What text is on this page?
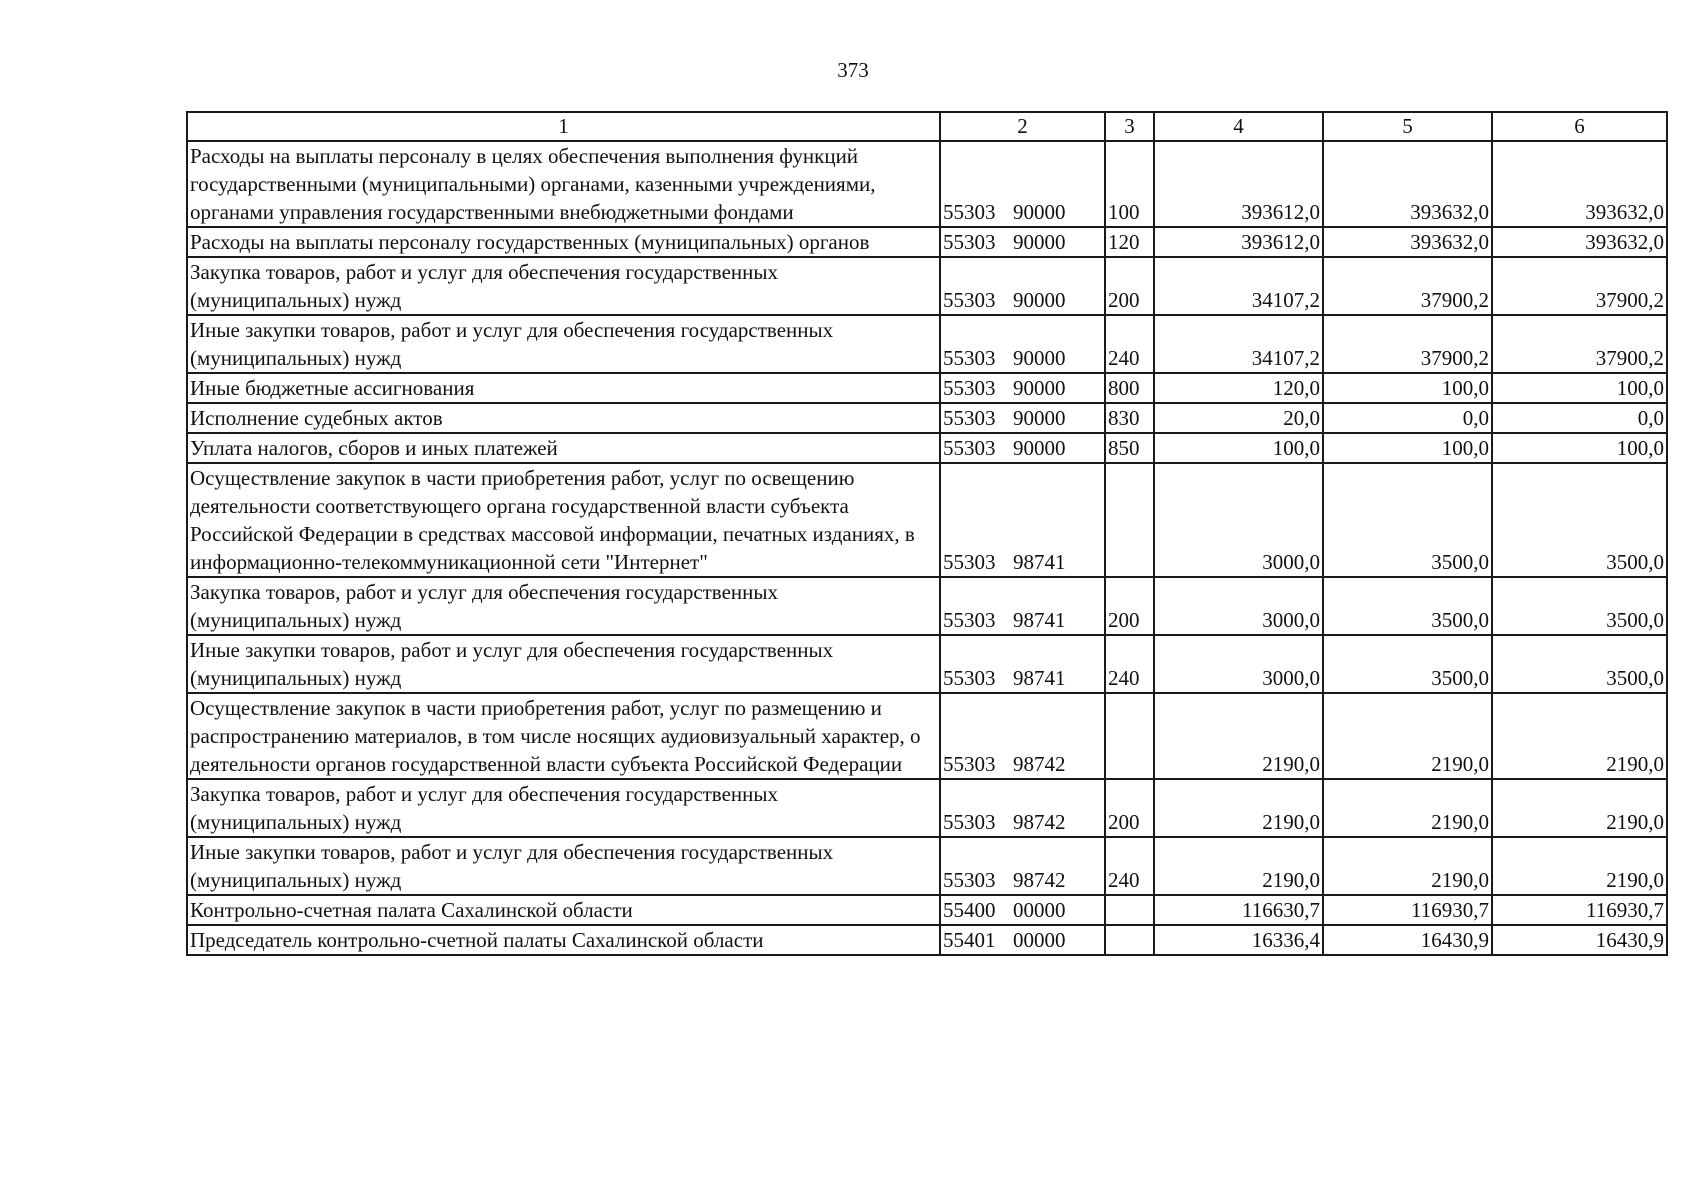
373
1	2	3	4	5	6
Расходы на выплаты персоналу в целях обеспечения выполнения функций государственными (муниципальными) органами, казенными учреждениями, органами управления государственными внебюджетными фондами	55303 90000	100	393612,0	393632,0	393632,0
Расходы на выплаты персоналу государственных (муниципальных) органов	55303 90000	120	393612,0	393632,0	393632,0
Закупка товаров, работ и услуг для обеспечения государственных (муниципальных) нужд	55303 90000	200	34107,2	37900,2	37900,2
Иные закупки товаров, работ и услуг для обеспечения государственных (муниципальных) нужд	55303 90000	240	34107,2	37900,2	37900,2
Иные бюджетные ассигнования	55303 90000	800	120,0	100,0	100,0
Исполнение судебных актов	55303 90000	830	20,0	0,0	0,0
Уплата налогов, сборов и иных платежей	55303 90000	850	100,0	100,0	100,0
Осуществление закупок в части приобретения работ, услуг по освещению деятельности соответствующего органа государственной власти субъекта Российской Федерации в средствах массовой информации, печатных изданиях, в информационно-телекоммуникационной сети "Интернет"	55303 98741		3000,0	3500,0	3500,0
Закупка товаров, работ и услуг для обеспечения государственных (муниципальных) нужд	55303 98741	200	3000,0	3500,0	3500,0
Иные закупки товаров, работ и услуг для обеспечения государственных (муниципальных) нужд	55303 98741	240	3000,0	3500,0	3500,0
Осуществление закупок в части приобретения работ, услуг по размещению и распространению материалов, в том числе носящих аудиовизуальный характер, о деятельности органов государственной власти субъекта Российской Федерации	55303 98742		2190,0	2190,0	2190,0
Закупка товаров, работ и услуг для обеспечения государственных (муниципальных) нужд	55303 98742	200	2190,0	2190,0	2190,0
Иные закупки товаров, работ и услуг для обеспечения государственных (муниципальных) нужд	55303 98742	240	2190,0	2190,0	2190,0
Контрольно-счетная палата Сахалинской области	55400 00000		116630,7	116930,7	116930,7
Председатель контрольно-счетной палаты Сахалинской области	55401 00000		16336,4	16430,9	16430,9
